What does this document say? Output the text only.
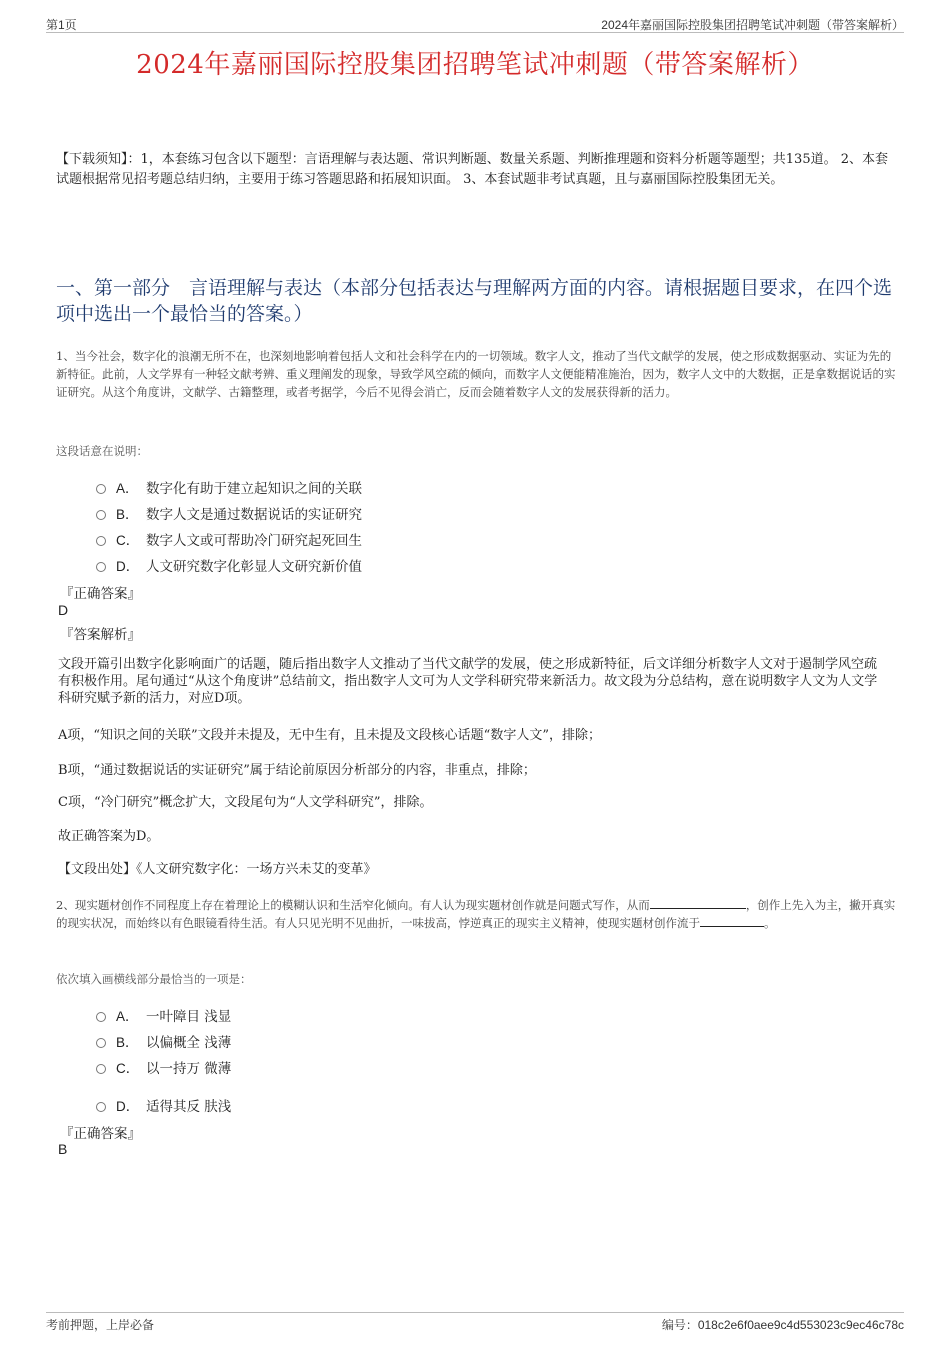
第1页	2024年嘉丽国际控股集团招聘笔试冲刺题（带答案解析）
2024年嘉丽国际控股集团招聘笔试冲刺题（带答案解析）
【下载须知】：1，本套练习包含以下题型：言语理解与表达题、常识判断题、数量关系题、判断推理题和资料分析题等题型；共135道。 2、本套试题根据常见招考题总结归纳，主要用于练习答题思路和拓展知识面。 3、本套试题非考试真题，且与嘉丽国际控股集团无关。
一、第一部分　言语理解与表达（本部分包括表达与理解两方面的内容。请根据题目要求，在四个选项中选出一个最恰当的答案。）
1、当今社会，数字化的浪潮无所不在，也深刻地影响着包括人文和社会科学在内的一切领域。数字人文，推动了当代文献学的发展，使之形成数据驱动、实证为先的新特征。此前，人文学界有一种轻文献考辨、重义理阐发的现象，导致学风空疏的倾向，而数字人文便能精准施治，因为，数字人文中的大数据，正是拿数据说话的实证研究。从这个角度讲，文献学、古籍整理，或者考据学，今后不见得会消亡，反而会随着数字人文的发展获得新的活力。
这段话意在说明：
A． 数字化有助于建立起知识之间的关联
B． 数字人文是通过数据说话的实证研究
C． 数字人文或可帮助冷门研究起死回生
D． 人文研究数字化彰显人文研究新价值
『正确答案』
D
『答案解析』
文段开篇引出数字化影响面广的话题，随后指出数字人文推动了当代文献学的发展，使之形成新特征，后文详细分析数字人文对于遏制学风空疏有积极作用。尾句通过“从这个角度讲”总结前文，指出数字人文可为人文学科研究带来新活力。故文段为分总结构，意在说明数字人文为人文学科研究赋予新的活力，对应D项。
A项，“知识之间的关联”文段并未提及，无中生有，且未提及文段核心话题“数字人文”，排除；
B项，“通过数据说话的实证研究”属于结论前原因分析部分的内容，非重点，排除；
C项，“冷门研究”概念扩大，文段尾句为“人文学科研究”，排除。
故正确答案为D。
【文段出处】《人文研究数字化：一场方兴未艾的变革》
2、现实题材创作不同程度上存在着理论上的模糊认识和生活窄化倾向。有人认为现实题材创作就是问题式写作，从而	，创作上先入为主，撇开真实的现实状况，而始终以有色眼镜看待生活。有人只见光明不见曲折，一味拔高，悖逆真正的现实主义精神，使现实题材创作流于	。
依次填入画横线部分最恰当的一项是：
A． 一叶障目 浅显
B． 以偏概全 浅薄
C． 以一持万 微薄
D． 适得其反 肤浅
『正确答案』
B
考前押题，上岸必备	编号：018c2e6f0aee9c4d553023c9ec46c78c
